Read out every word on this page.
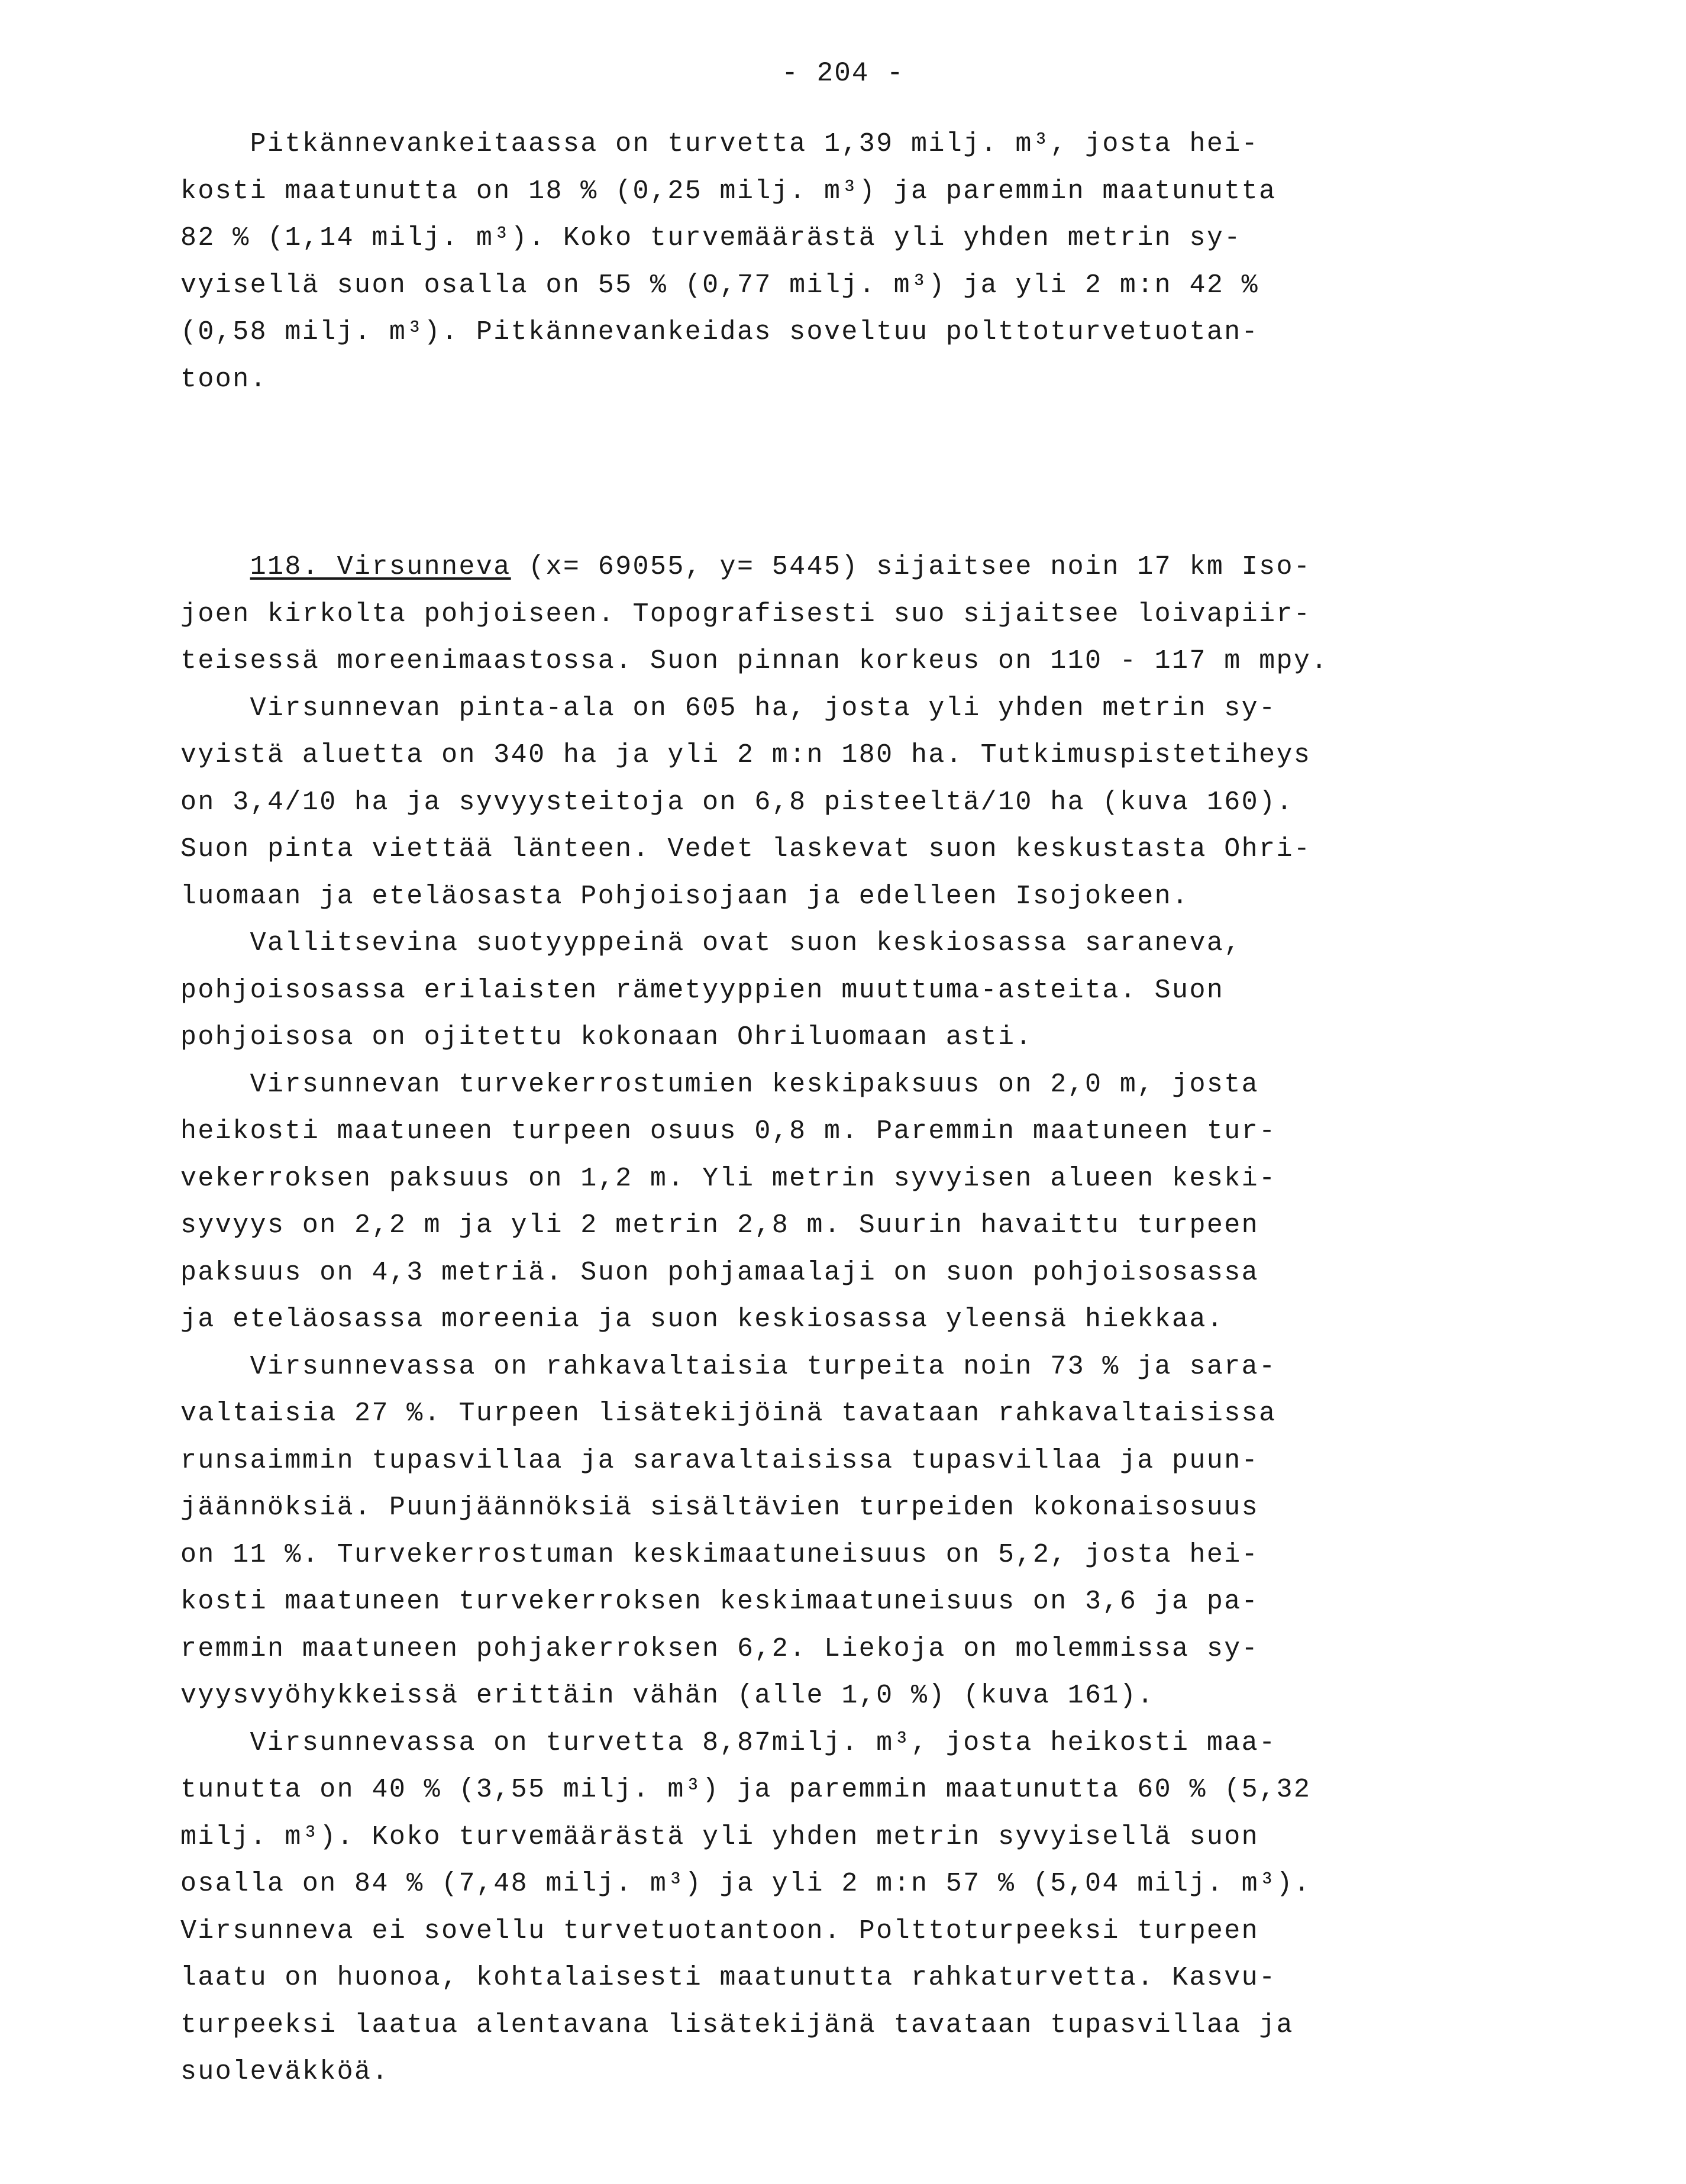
- 204 -

Pitkännevankeitaassa on turvetta 1,39 milj. m³, josta hei-
kosti maatunutta on 18 % (0,25 milj. m³) ja paremmin maatunutta
82 % (1,14 milj. m³). Koko turvemäärästä yli yhden metrin sy-
vyisellä suon osalla on 55 % (0,77 milj. m³) ja yli 2 m:n 42 %
(0,58 milj. m³). Pitkännevankeidas soveltuu polttoturvetuotan-
toon.
118. Virsunneva (x= 69055, y= 5445) sijaitsee noin 17 km Iso-
joen kirkolta pohjoiseen. Topografisesti suo sijaitsee loivapiir-
teisessä moreenimaastossa. Suon pinnan korkeus on 110 - 117 m mpy.
Virsunnevan pinta-ala on 605 ha, josta yli yhden metrin sy-
vyistä aluetta on 340 ha ja yli 2 m:n 180 ha. Tutkimuspistetiheys
on 3,4/10 ha ja syvyysteitoja on 6,8 pisteeltä/10 ha (kuva 160).
Suon pinta viettää länteen. Vedet laskevat suon keskustasta Ohri-
luomaan ja eteläosasta Pohjoisojaan ja edelleen Isojokeen.
Vallitsevina suotyyppeinä ovat suon keskiosassa saraneva,
pohjoisosassa erilaisten rämetyyppien muuttuma-asteita. Suon
pohjoisosa on ojitettu kokonaan Ohriluomaan asti.
Virsunnevan turvekerrostumien keskipaksuus on 2,0 m, josta
heikosti maatuneen turpeen osuus 0,8 m. Paremmin maatuneen tur-
vekerroksen paksuus on 1,2 m. Yli metrin syvyisen alueen keski-
syvyys on 2,2 m ja yli 2 metrin 2,8 m. Suurin havaittu turpeen
paksuus on 4,3 metriä. Suon pohjamaalaji on suon pohjoisosassa
ja eteläosassa moreenia ja suon keskiosassa yleensä hiekkaa.
Virsunnevassa on rahkavaltaisia turpeita noin 73 % ja sara-
valtaisia 27 %. Turpeen lisätekijöinä tavataan rahkavaltaisissa
runsaimmin tupasvillaa ja saravaltaisissa tupasvillaa ja puun-
jäännöksiä. Puunjäännöksiä sisältävien turpeiden kokonaisosuus
on 11 %. Turvekerrostuman keskimaatuneisuus on 5,2, josta hei-
kosti maatuneen turvekerroksen keskimaatuneisuus on 3,6 ja pa-
remmin maatuneen pohjakerroksen 6,2. Liekoja on molemmissa sy-
vyysvyöhykkeissä erittäin vähän (alle 1,0 %) (kuva 161).
Virsunnevassa on turvetta 8,87milj. m³, josta heikosti maa-
tunutta on 40 % (3,55 milj. m³) ja paremmin maatunutta 60 % (5,32
milj. m³). Koko turvemäärästä yli yhden metrin syvyisellä suon
osalla on 84 % (7,48 milj. m³) ja yli 2 m:n 57 % (5,04 milj. m³).
Virsunneva ei sovellu turvetuotantoon. Polttoturpeeksi turpeen
laatu on huonoa, kohtalaisesti maatunutta rahkaturvetta. Kasvu-
turpeeksi laatua alentavana lisätekijänä tavataan tupasvillaa ja
suoleväkköä.
